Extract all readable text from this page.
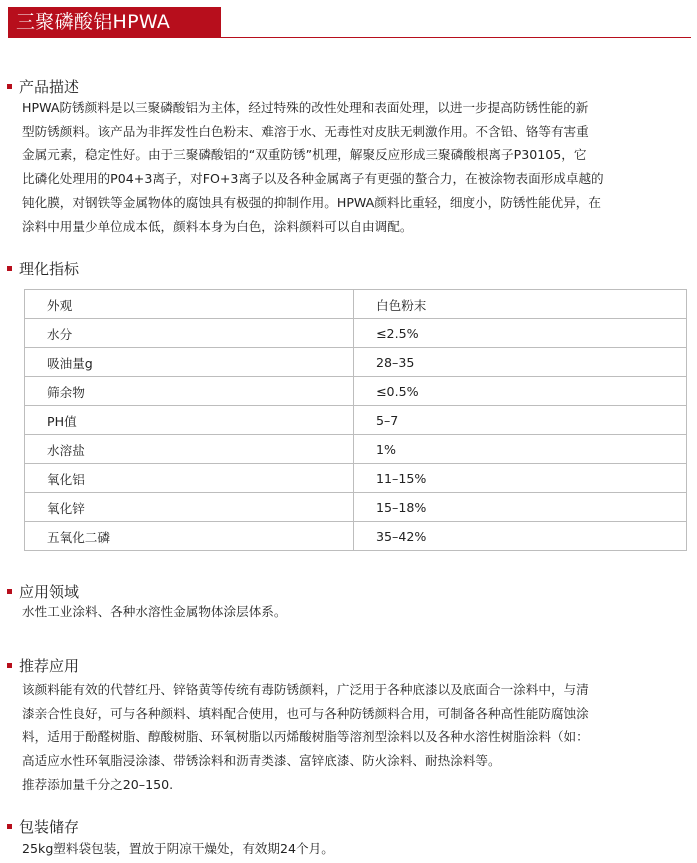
三聚磷酸铝HPWA
产品描述
HPWA防锈颜料是以三聚磷酸铝为主体，经过特殊的改性处理和表面处理，以进一步提高防锈性能的新
型防锈颜料。该产品为非挥发性白色粉末、难溶于水、无毒性对皮肤无刺激作用。不含铅、铬等有害重
金属元素，稳定性好。由于三聚磷酸铝的“双重防锈”机理，解聚反应形成三聚磷酸根离子P30105，它
比磷化处理用的P04+3离子，对FO+3离子以及各种金属离子有更强的螯合力，在被涂物表面形成卓越的
钝化膜，对钢铁等金属物体的腐蚀具有极强的抑制作用。HPWA颜料比重轻，细度小，防锈性能优异，在
涂料中用量少单位成本低，颜料本身为白色，涂料颜料可以自由调配。
理化指标
外观	白色粉末
水分	≤2.5%
吸油量g	28–35
筛余物	≤0.5%
PH值	5–7
水溶盐	1%
氧化铝	11–15%
氧化锌	15–18%
五氧化二磷	35–42%
应用领域
水性工业涂料、各种水溶性金属物体涂层体系。
推荐应用
该颜料能有效的代替红丹、锌铬黄等传统有毒防锈颜料，广泛用于各种底漆以及底面合一涂料中，与清
漆亲合性良好，可与各种颜料、填料配合使用，也可与各种防锈颜料合用，可制备各种高性能防腐蚀涂
料，适用于酚醛树脂、醇酸树脂、环氧树脂以丙烯酸树脂等溶剂型涂料以及各种水溶性树脂涂料（如：
高适应水性环氧脂浸涂漆、带锈涂料和沥青类漆、富锌底漆、防火涂料、耐热涂料等。
推荐添加量千分之20–150.
包装储存
25kg塑料袋包装，置放于阴凉干燥处，有效期24个月。
